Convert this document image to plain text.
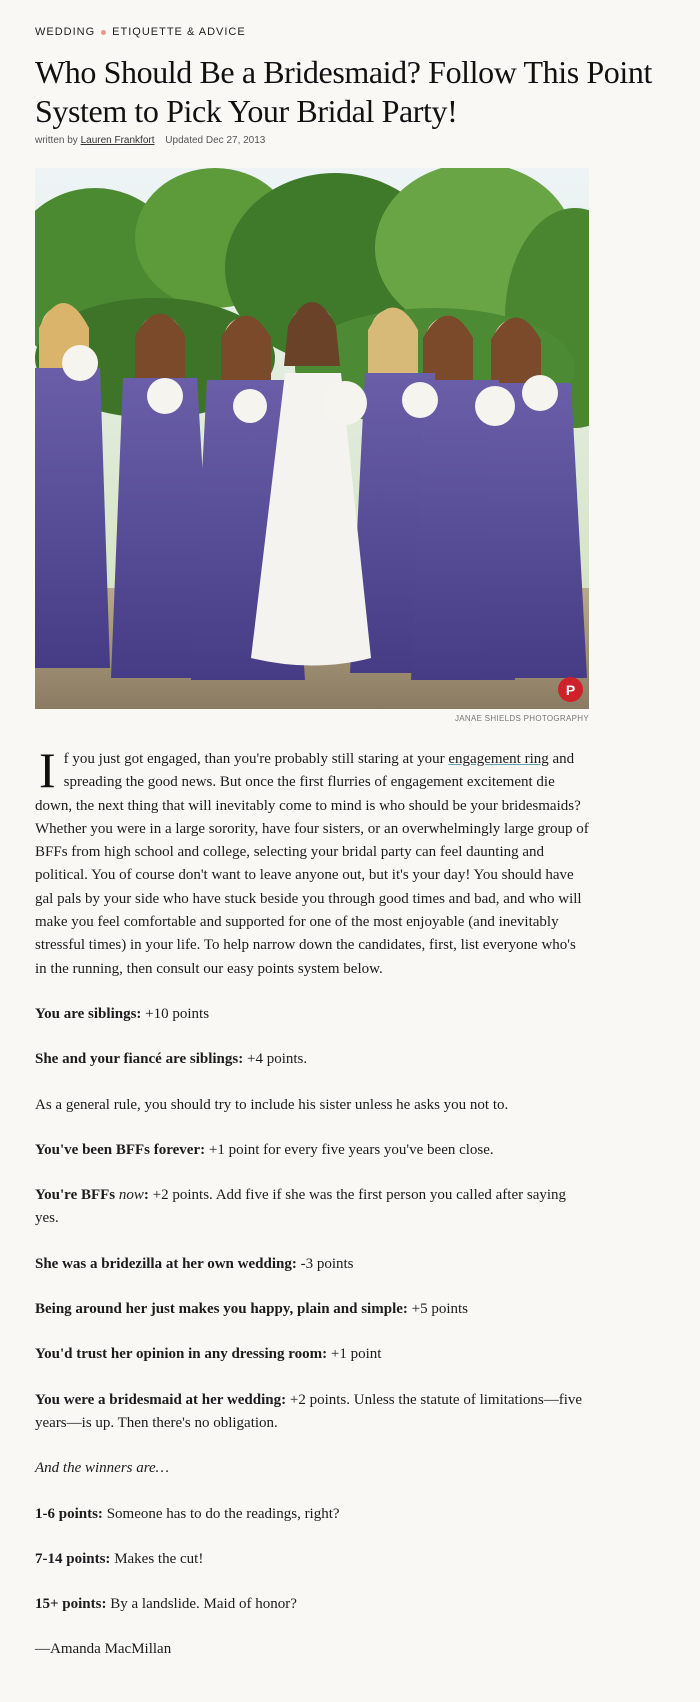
WEDDING ETIQUETTE & ADVICE
Who Should Be a Bridesmaid? Follow This Point System to Pick Your Bridal Party!
written by Lauren Frankfort Updated Dec 27, 2013
P
JANAE SHIELDS PHOTOGRAPHY

If you just got engaged, than you're probably still staring at your engagement ring and spreading the good news. But once the first flurries of engagement excitement die down, the next thing that will inevitably come to mind is who should be your bridesmaids? Whether you were in a large sorority, have four sisters, or an overwhelmingly large group of BFFs from high school and college, selecting your bridal party can feel daunting and political. You of course don't want to leave anyone out, but it's your day! You should have gal pals by your side who have stuck beside you through good times and bad, and who will make you feel comfortable and supported for one of the most enjoyable (and inevitably stressful times) in your life. To help narrow down the candidates, first, list everyone who's in the running, then consult our easy points system below.

You are siblings: +10 points

She and your fiancé are siblings: +4 points.

As a general rule, you should try to include his sister unless he asks you not to.

You've been BFFs forever: +1 point for every five years you've been close.

You're BFFs now: +2 points. Add five if she was the first person you called after saying yes.

She was a bridezilla at her own wedding: -3 points

Being around her just makes you happy, plain and simple: +5 points

You'd trust her opinion in any dressing room: +1 point

You were a bridesmaid at her wedding: +2 points. Unless the statute of limitations—five years—is up. Then there's no obligation.

And the winners are…

1-6 points: Someone has to do the readings, right?

7-14 points: Makes the cut!

15+ points: By a landslide. Maid of honor?

—Amanda MacMillan
